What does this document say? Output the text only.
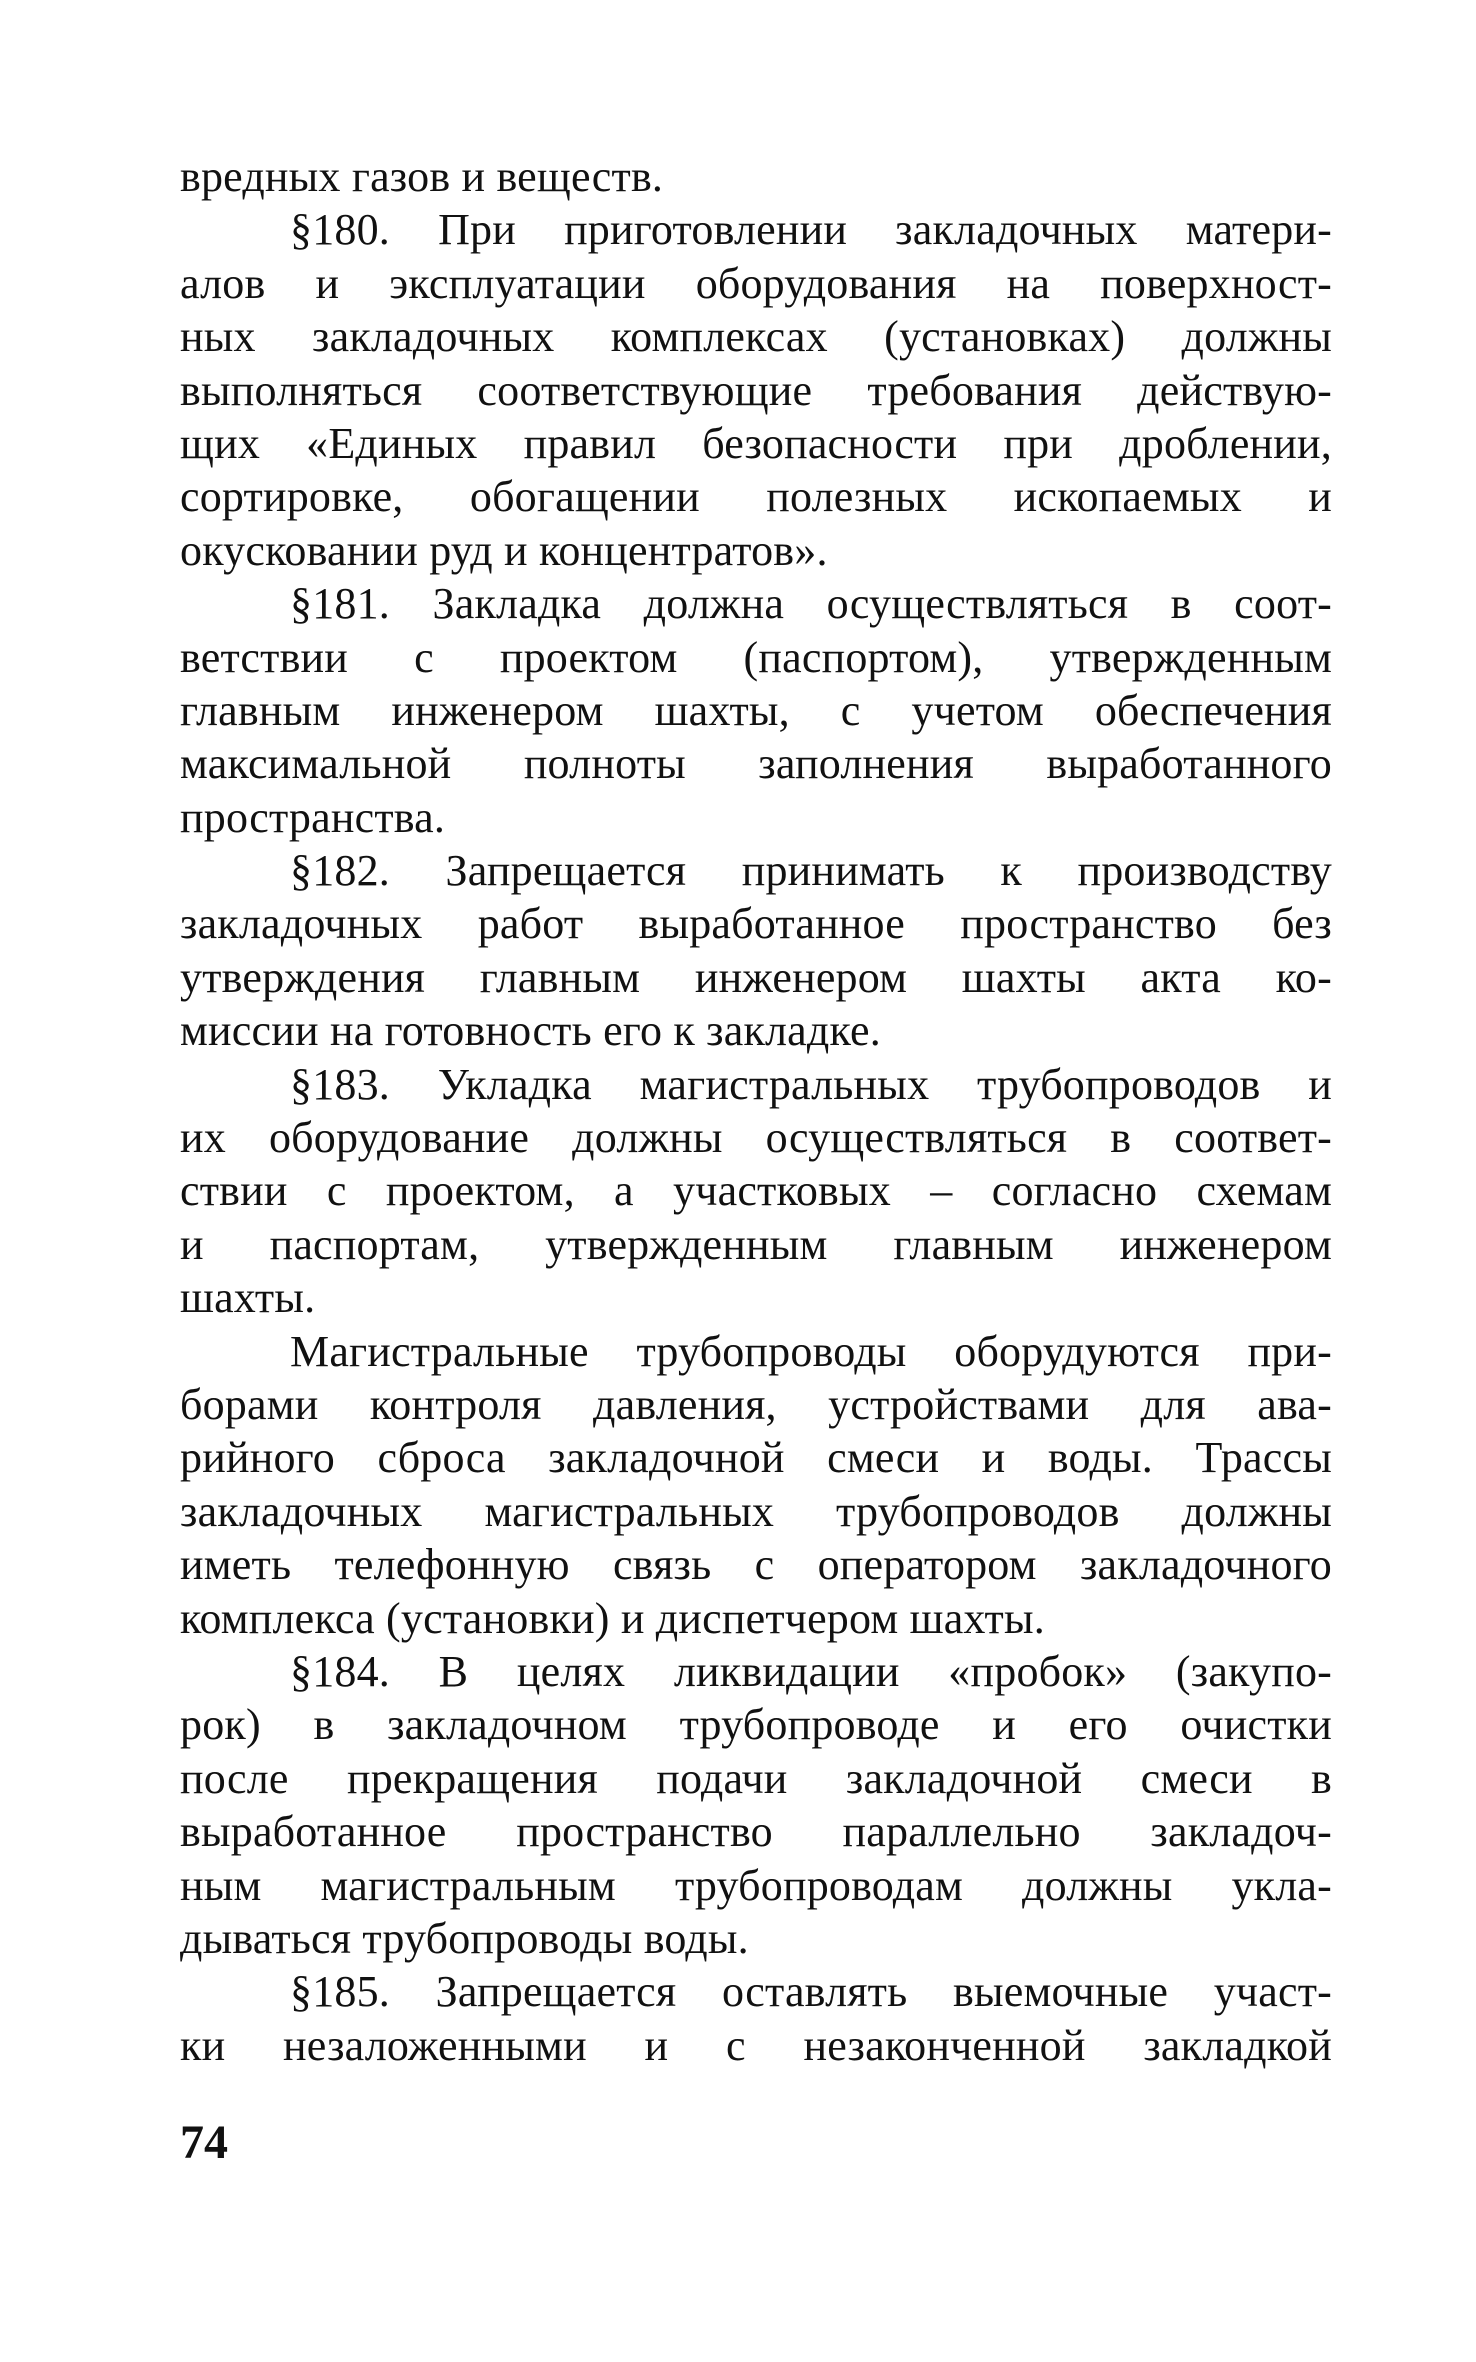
вредных газов и веществ.
§180. При приготовлении закладочных матери-
алов и эксплуатации оборудования на поверхност-
ных закладочных комплексах (установках) должны
выполняться соответствующие требования действую-
щих «Единых правил безопасности при дроблении,
сортировке, обогащении полезных ископаемых и
окусковании руд и концентратов».
§181. Закладка должна осуществляться в соот-
ветствии с проектом (паспортом), утвержденным
главным инженером шахты, с учетом обеспечения
максимальной полноты заполнения выработанного
пространства.
§182. Запрещается принимать к производству
закладочных работ выработанное пространство без
утверждения главным инженером шахты акта ко-
миссии на готовность его к закладке.
§183. Укладка магистральных трубопроводов и
их оборудование должны осуществляться в соответ-
ствии с проектом, а участковых – согласно схемам
и паспортам, утвержденным главным инженером
шахты.
Магистральные трубопроводы оборудуются при-
борами контроля давления, устройствами для ава-
рийного сброса закладочной смеси и воды. Трассы
закладочных магистральных трубопроводов должны
иметь телефонную связь с оператором закладочного
комплекса (установки) и диспетчером шахты.
§184. В целях ликвидации «пробок» (закупо-
рок) в закладочном трубопроводе и его очистки
после прекращения подачи закладочной смеси в
выработанное пространство параллельно закладоч-
ным магистральным трубопроводам должны укла-
дываться трубопроводы воды.
§185. Запрещается оставлять выемочные участ-
ки незаложенными и с незаконченной закладкой
74
